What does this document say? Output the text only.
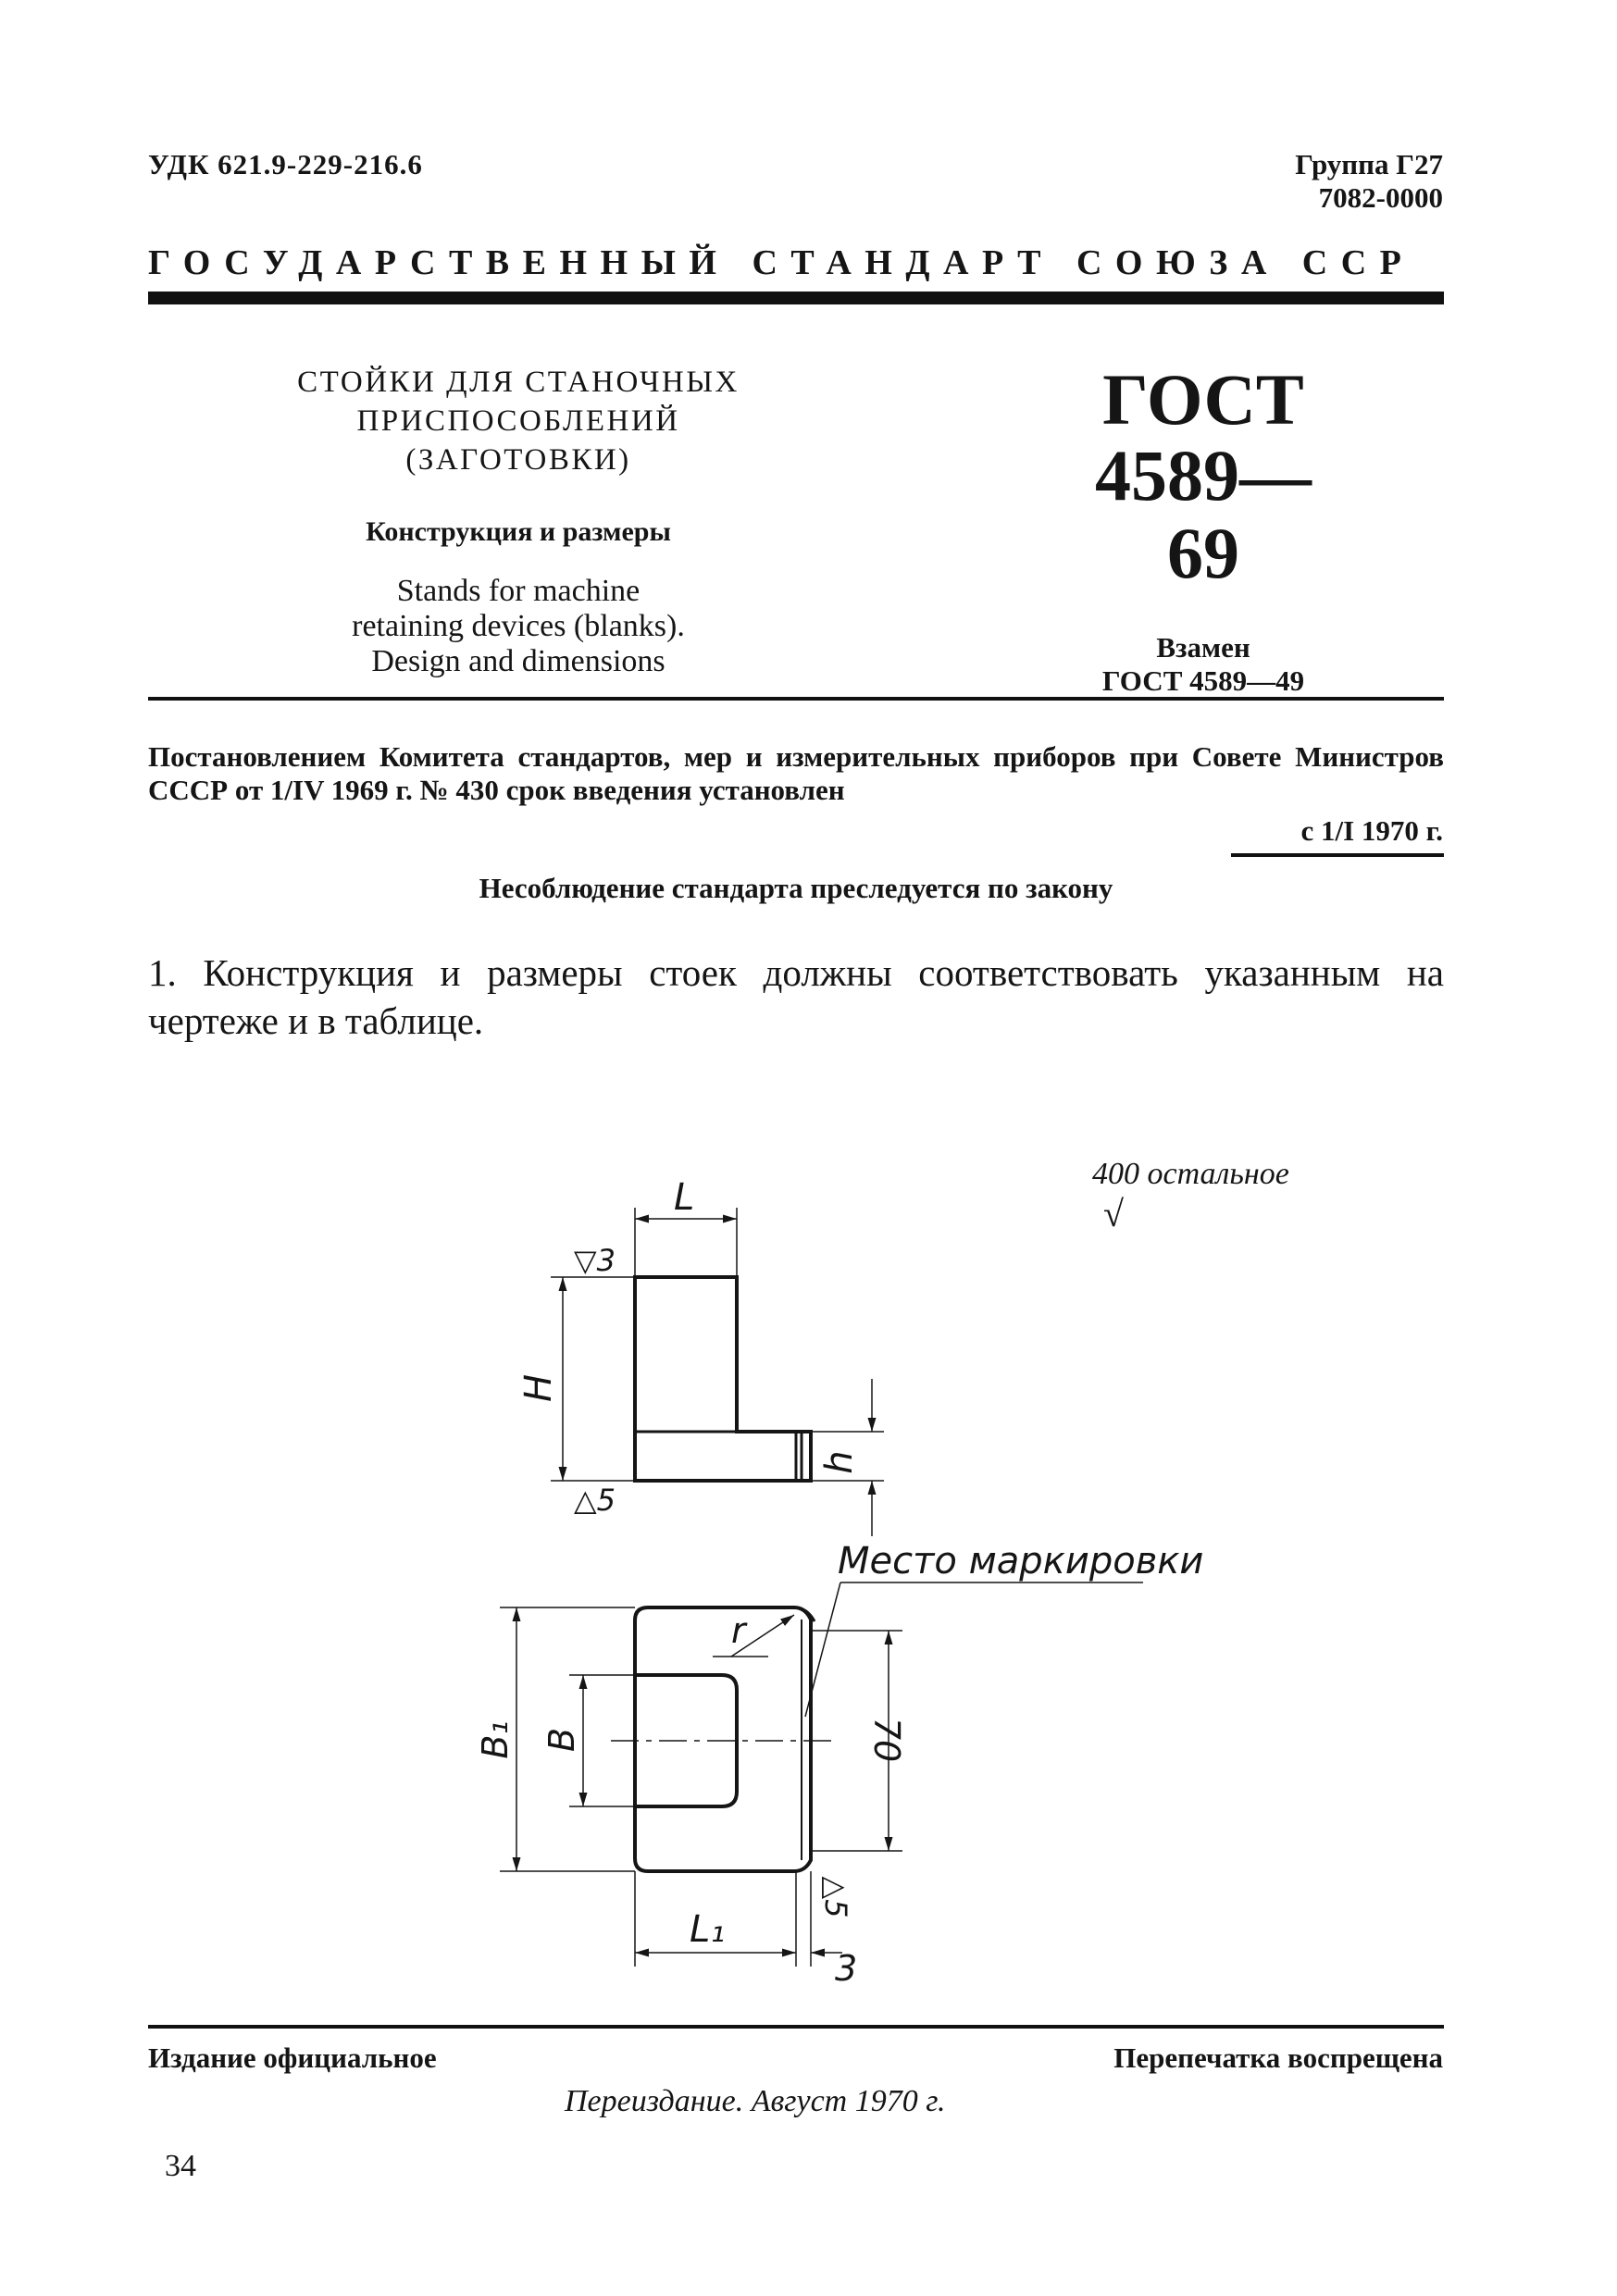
УДК 621.9-229-216.6	Группа Г27
7082-0000
ГОСУДАРСТВЕННЫЙ СТАНДАРТ СОЮЗА ССР
СТОЙКИ ДЛЯ СТАНОЧНЫХ ПРИСПОСОБЛЕНИЙ
(ЗАГОТОВКИ)
Конструкция и размеры
Stands for machine
retaining devices (blanks).
Design and dimensions
ГОСТ
4589—69
Взамен
ГОСТ 4589—49
Постановлением Комитета стандартов, мер и измерительных приборов при Совете Министров СССР от 1/IV 1969 г. № 430 срок введения установлен
с 1/I 1970 г.
Несоблюдение стандарта преследуется по закону
1. Конструкция и размеры стоек должны соответствовать указанным на чертеже и в таблице.
400 остальное
√
L
▽3
H
h
△5
Место маркировки
r
B₁ B	70
△5
L₁
3
Издание официальное	Перепечатка воспрещена
Переиздание. Август 1970 г.
34
